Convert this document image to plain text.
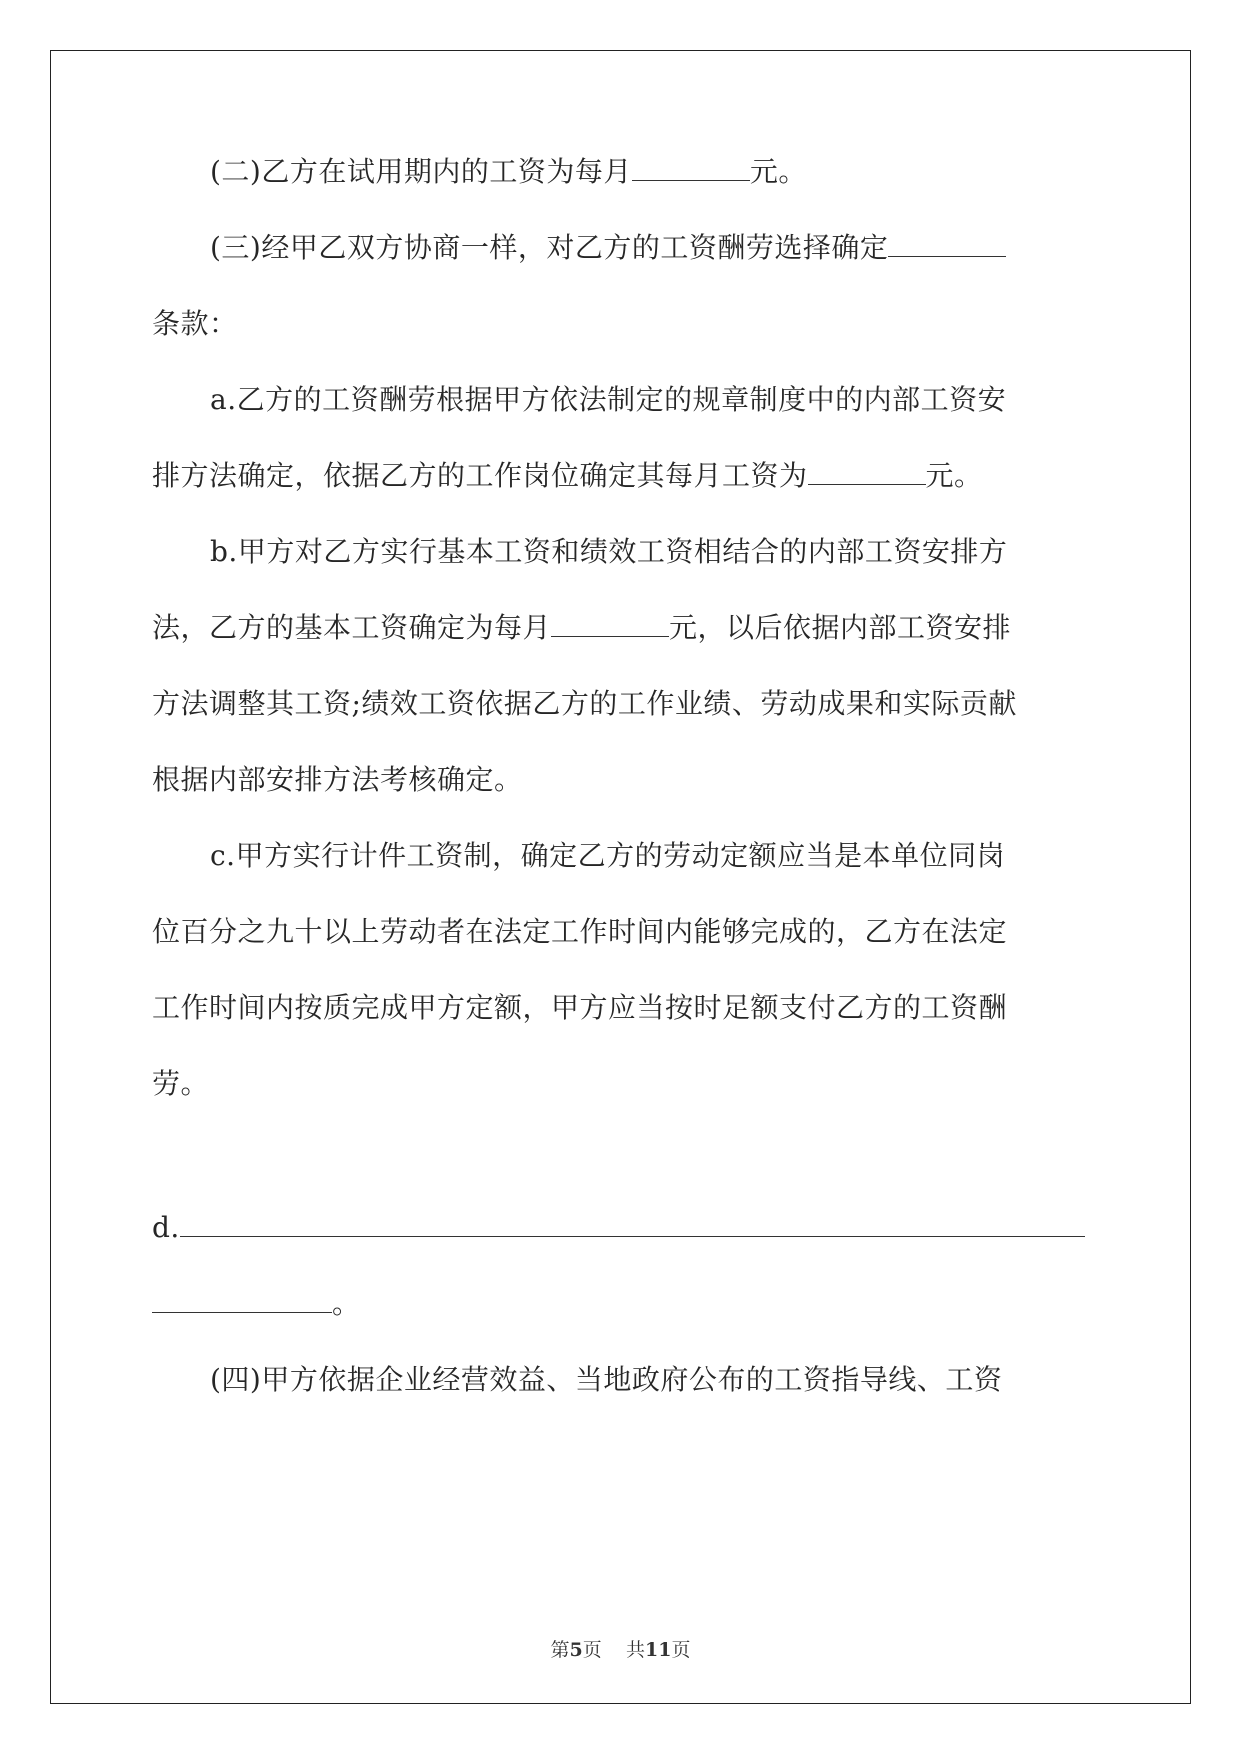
(二)乙方在试用期内的工资为每月	元。
(三)经甲乙双方协商一样，对乙方的工资酬劳选择确定
条款：
a.乙方的工资酬劳根据甲方依法制定的规章制度中的内部工资安
排方法确定，依据乙方的工作岗位确定其每月工资为	元。
b.甲方对乙方实行基本工资和绩效工资相结合的内部工资安排方
法，乙方的基本工资确定为每月	元，以后依据内部工资安排
方法调整其工资;绩效工资依据乙方的工作业绩、劳动成果和实际贡献
根据内部安排方法考核确定。
c.甲方实行计件工资制，确定乙方的劳动定额应当是本单位同岗
位百分之九十以上劳动者在法定工作时间内能够完成的，乙方在法定
工作时间内按质完成甲方定额，甲方应当按时足额支付乙方的工资酬
劳。
d.
。
(四)甲方依据企业经营效益、当地政府公布的工资指导线、工资
第5页 共11页
